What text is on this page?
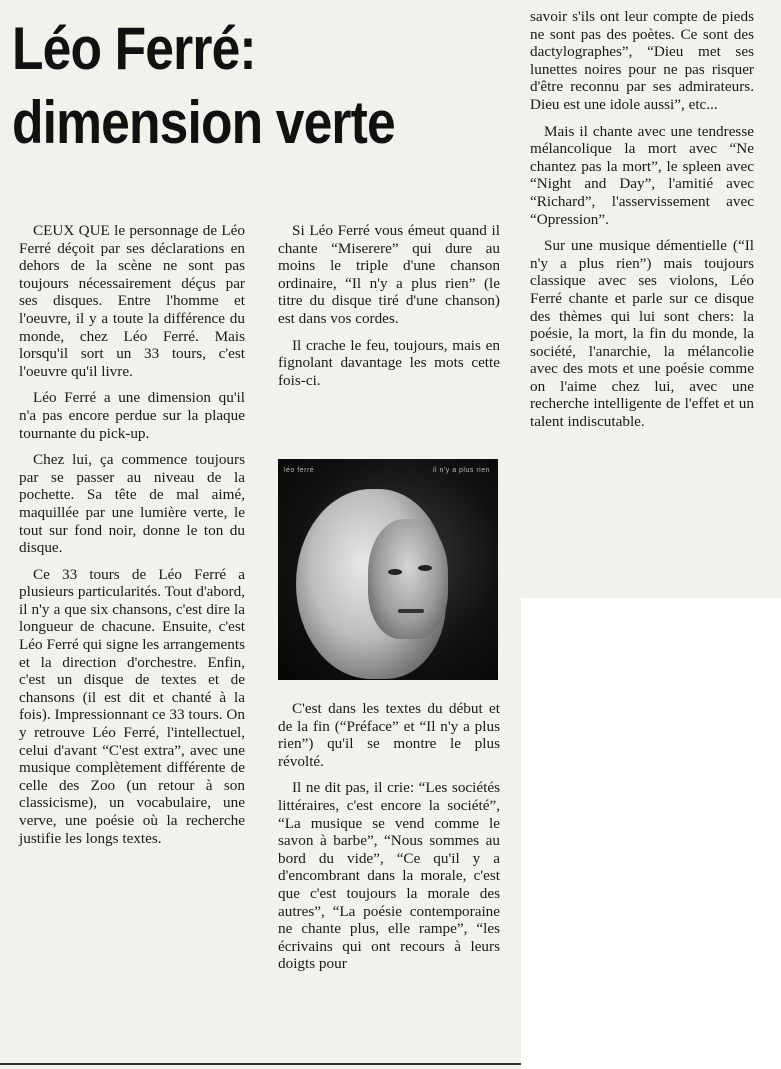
Léo Ferré:
dimension verte

CEUX QUE le personnage de Léo Ferré déçoit par ses déclarations en dehors de la scène ne sont pas toujours nécessairement déçus par ses disques. Entre l'homme et l'oeuvre, il y a toute la différence du monde, chez Léo Ferré. Mais lorsqu'il sort un 33 tours, c'est l'oeuvre qu'il livre.

Léo Ferré a une dimension qu'il n'a pas encore perdue sur la plaque tournante du pick-up.

Chez lui, ça commence toujours par se passer au niveau de la pochette. Sa tête de mal aimé, maquillée par une lumière verte, le tout sur fond noir, donne le ton du disque.

Ce 33 tours de Léo Ferré a plusieurs particularités. Tout d'abord, il n'y a que six chansons, c'est dire la longueur de chacune. Ensuite, c'est Léo Ferré qui signe les arrangements et la direction d'orchestre. Enfin, c'est un disque de textes et de chansons (il est dit et chanté à la fois). Impressionnant ce 33 tours. On y retrouve Léo Ferré, l'intellectuel, celui d'avant “C'est extra”, avec une musique complètement différente de celle des Zoo (un retour à son classicisme), un vocabulaire, une verve, une poésie où la recherche justifie les longs textes.

Si Léo Ferré vous émeut quand il chante “Miserere” qui dure au moins le triple d'une chanson ordinaire, “Il n'y a plus rien” (le titre du disque tiré d'une chanson) est dans vos cordes.

Il crache le feu, toujours, mais en fignolant davantage les mots cette fois-ci.

léo ferré	il n'y a plus rien

C'est dans les textes du début et de la fin (“Préface” et “Il n'y a plus rien”) qu'il se montre le plus révolté.

Il ne dit pas, il crie: “Les sociétés littéraires, c'est encore la société”, “La musique se vend comme le savon à barbe”, “Nous sommes au bord du vide”, “Ce qu'il y a d'encombrant dans la morale, c'est que c'est toujours la morale des autres”, “La poésie contemporaine ne chante plus, elle rampe”, “les écrivains qui ont recours à leurs doigts pour

savoir s'ils ont leur compte de pieds ne sont pas des poètes. Ce sont des dactylographes”, “Dieu met ses lunettes noires pour ne pas risquer d'être reconnu par ses admirateurs. Dieu est une idole aussi”, etc...

Mais il chante avec une tendresse mélancolique la mort avec “Ne chantez pas la mort”, le spleen avec “Night and Day”, l'amitié avec “Richard”, l'asservissement avec “Opression”.

Sur une musique démentielle (“Il n'y a plus rien”) mais toujours classique avec ses violons, Léo Ferré chante et parle sur ce disque des thèmes qui lui sont chers: la poésie, la mort, la fin du monde, la société, l'anarchie, la mélancolie avec des mots et une poésie comme on l'aime chez lui, avec une recherche intelligente de l'effet et un talent indiscutable.
